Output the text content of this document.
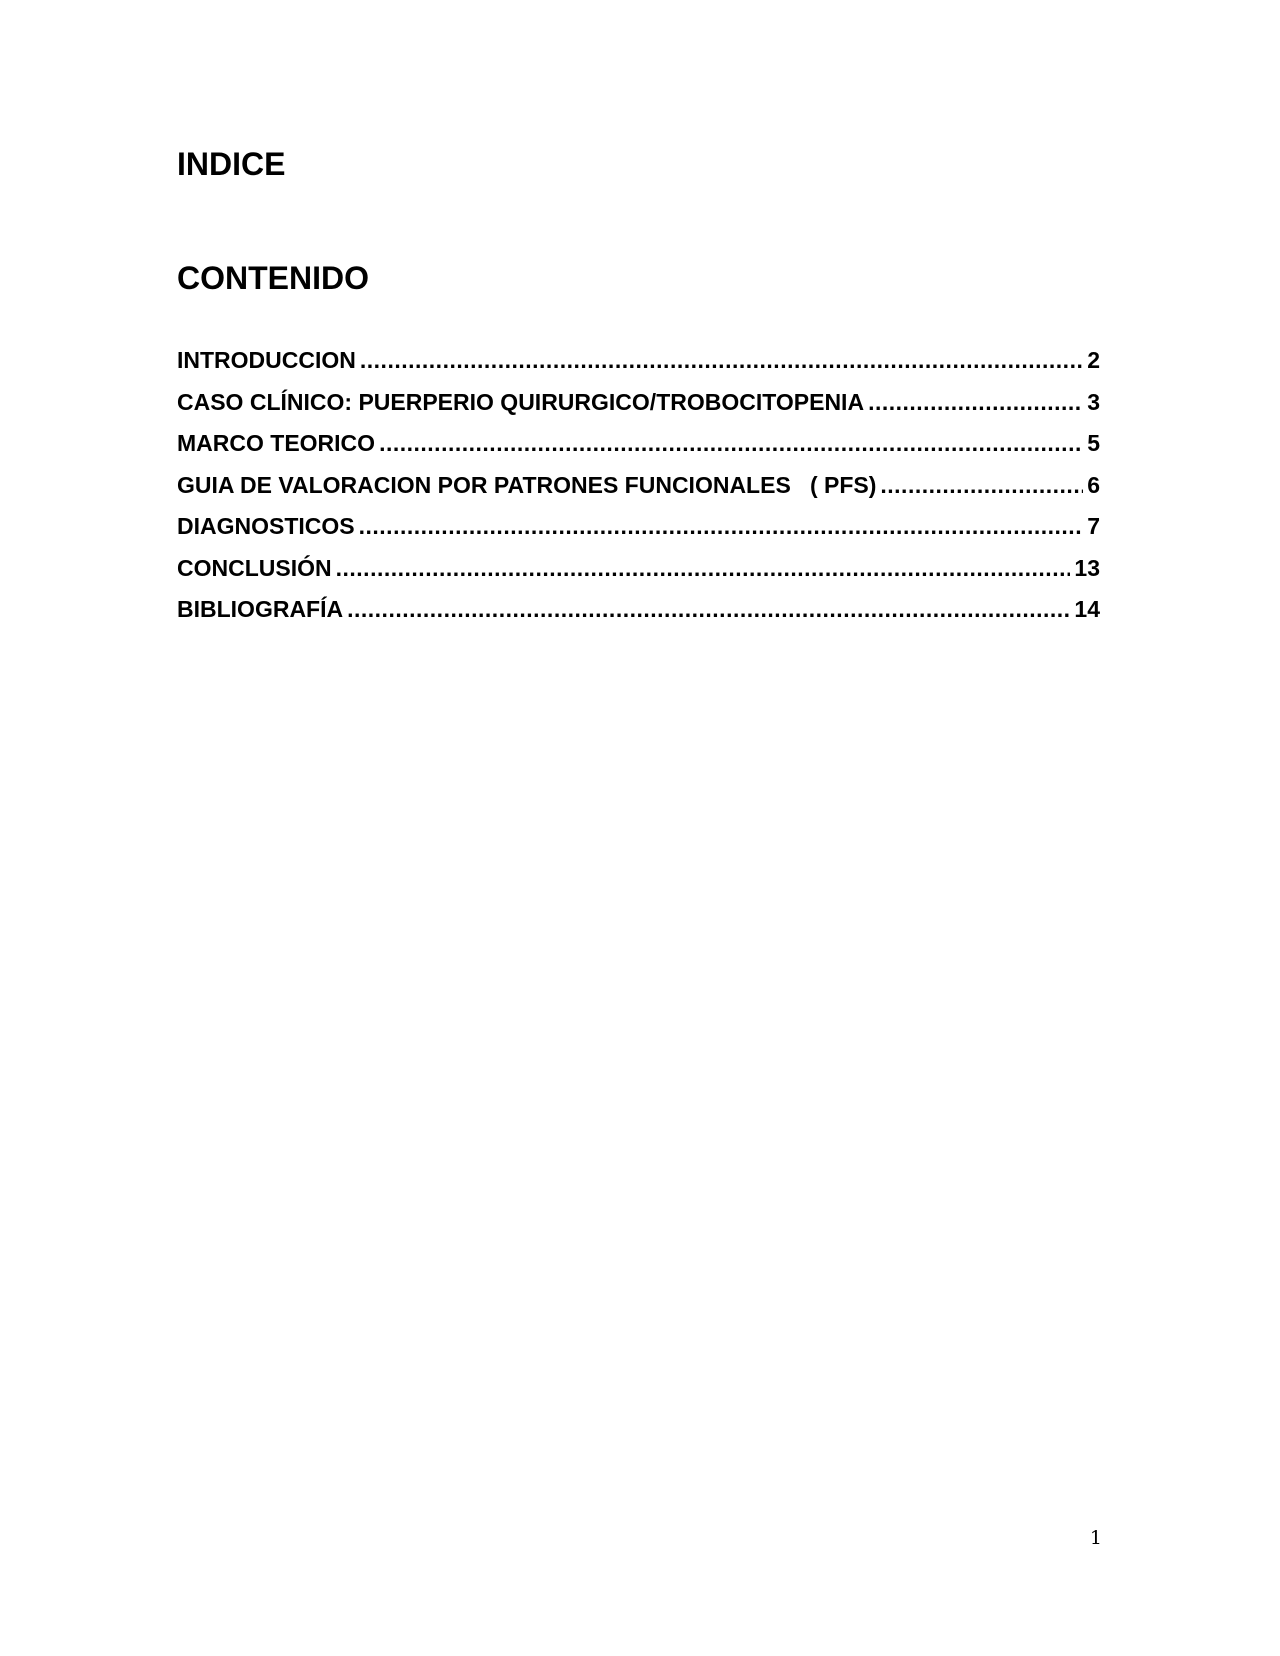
INDICE
CONTENIDO
INTRODUCCION .....	2
CASO CLÍNICO: PUERPERIO QUIRURGICO/TROBOCITOPENIA .....	3
MARCO TEORICO .....	5
GUIA DE VALORACION POR PATRONES FUNCIONALES   ( PFS) .....	6
DIAGNOSTICOS .....	7
CONCLUSIÓN .....	13
BIBLIOGRAFÍA .....	14
1
